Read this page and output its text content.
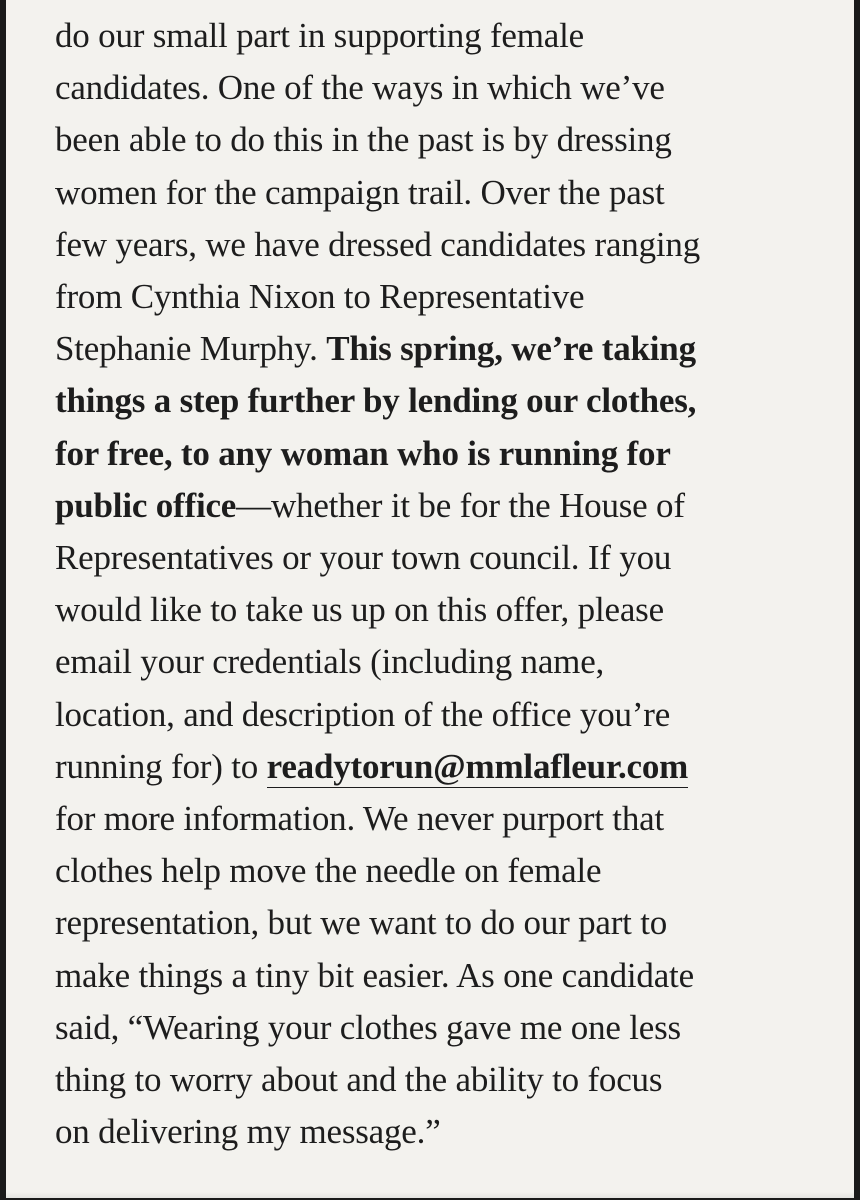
do our small part in supporting female
candidates. One of the ways in which we’ve
been able to do this in the past is by dressing
women for the campaign trail. Over the past
few years, we have dressed candidates ranging
from Cynthia Nixon to Representative
Stephanie Murphy. This spring, we’re taking
things a step further by lending our clothes,
for free, to any woman who is running for
public office—whether it be for the House of
Representatives or your town council. If you
would like to take us up on this offer, please
email your credentials (including name,
location, and description of the office you’re
running for) to readytorun@mmlafleur.com
for more information. We never purport that
clothes help move the needle on female
representation, but we want to do our part to
make things a tiny bit easier. As one candidate
said, “Wearing your clothes gave me one less
thing to worry about and the ability to focus
on delivering my message.”
